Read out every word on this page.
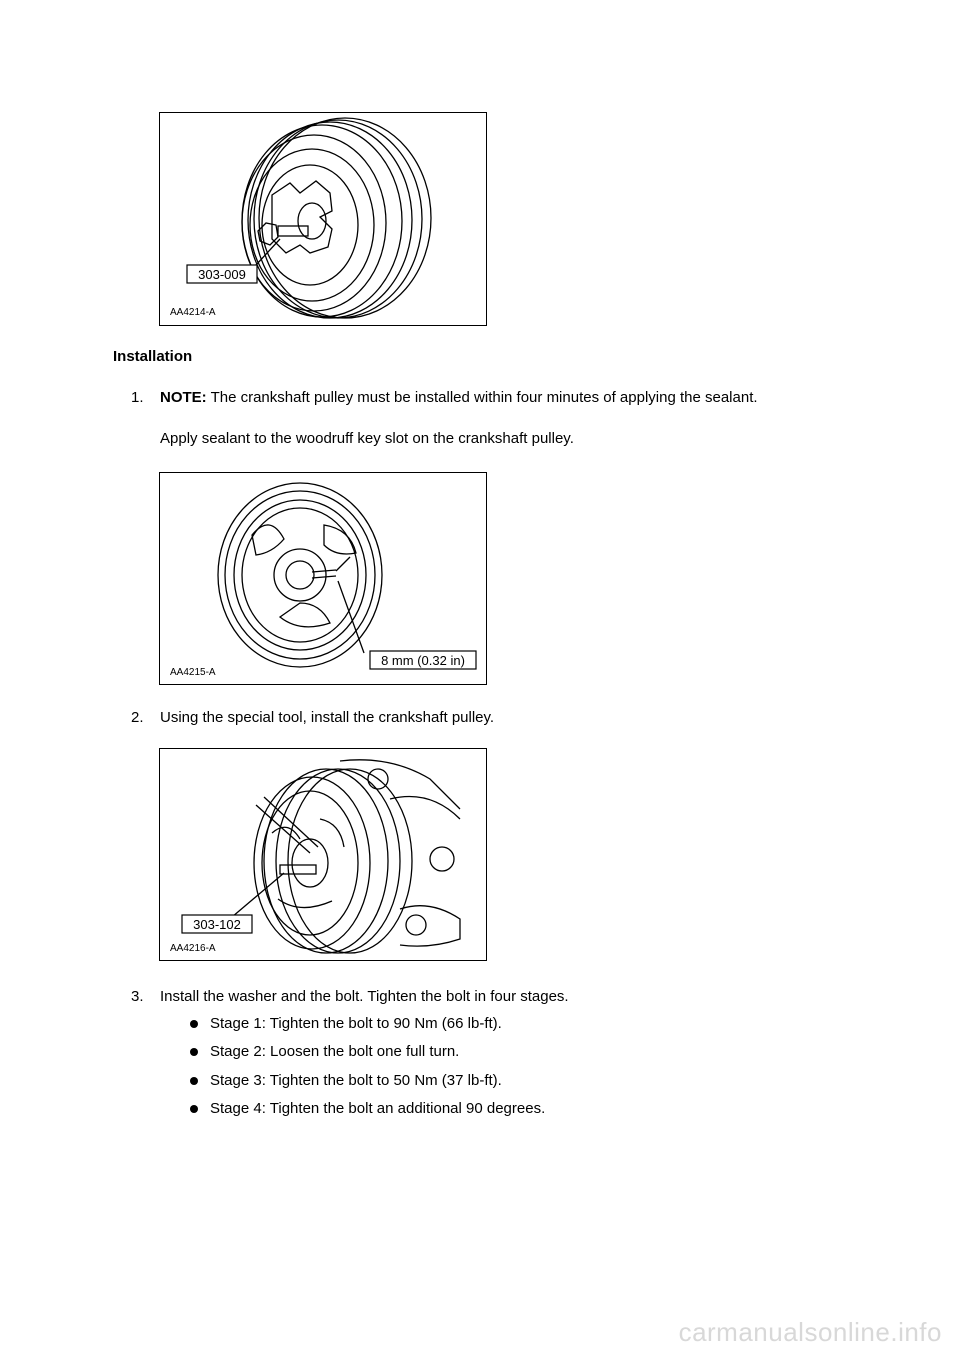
303-009
AA4214-A
Installation
1. NOTE: The crankshaft pulley must be installed within four minutes of applying the sealant.
Apply sealant to the woodruff key slot on the crankshaft pulley.
8 mm (0.32 in)
AA4215-A
2. Using the special tool, install the crankshaft pulley.
303-102
AA4216-A
3. Install the washer and the bolt. Tighten the bolt in four stages.
Stage 1: Tighten the bolt to 90 Nm (66 lb-ft).
Stage 2: Loosen the bolt one full turn.
Stage 3: Tighten the bolt to 50 Nm (37 lb-ft).
Stage 4: Tighten the bolt an additional 90 degrees.
carmanualsonline.info
